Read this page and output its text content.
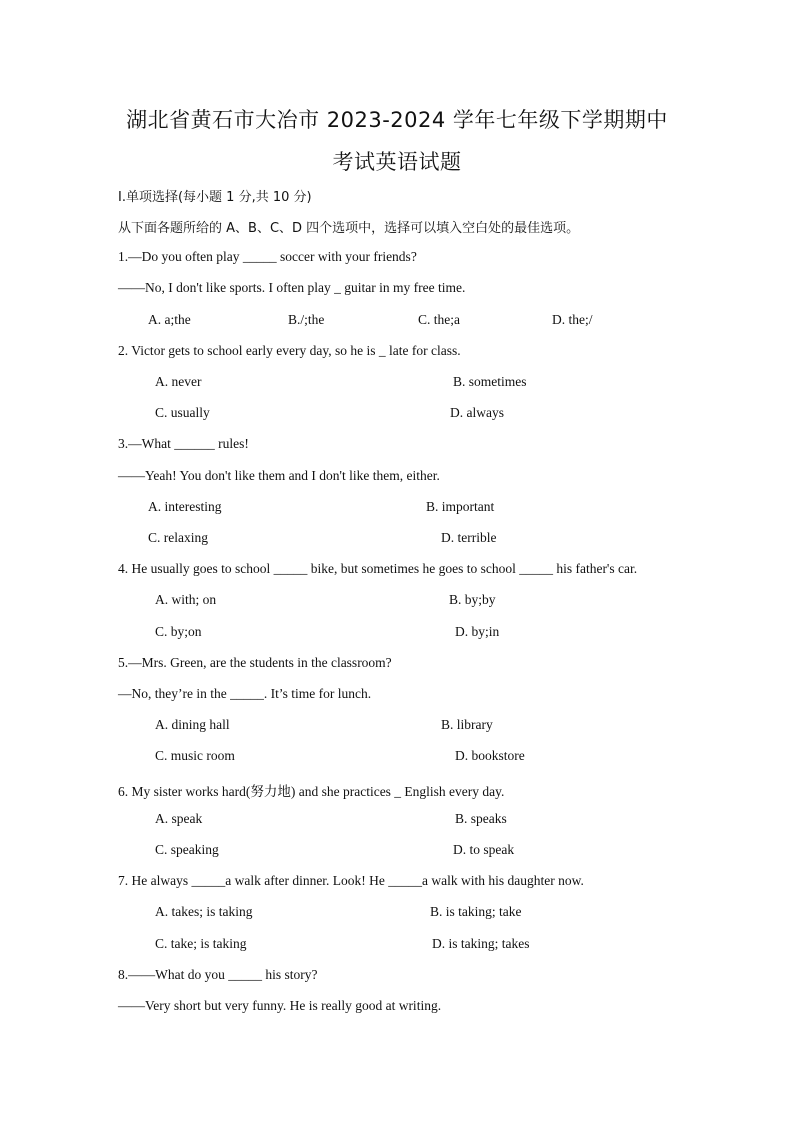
湖北省黄石市大冶市 2023-2024 学年七年级下学期期中
考试英语试题
Ⅰ.单项选择(每小题 1 分,共 10 分)
从下面各题所给的 A、B、C、D 四个选项中，选择可以填入空白处的最佳选项。
1.—Do you often play _____ soccer with your friends?
——No, I don't like sports. I often play _ guitar in my free time.
A. a;the	B./;the	C. the;a	D. the;/
2. Victor gets to school early every day, so he is _ late for class.
A. never	B. sometimes
C. usually	D. always
3.—What ______ rules!
——Yeah! You don't like them and I don't like them, either.
A. interesting	B. important
C. relaxing	D. terrible
4. He usually goes to school _____ bike, but sometimes he goes to school _____ his father's car.
A. with; on	B. by;by
C. by;on	D. by;in
5.—Mrs. Green, are the students in the classroom?
—No, they’re in the _____. It’s time for lunch.
A. dining hall	B. library
C. music room	D. bookstore
6. My sister works hard(努力地) and she practices _ English every day.
A. speak	B. speaks
C. speaking	D. to speak
7. He always _____a walk after dinner. Look! He _____a walk with his daughter now.
A. takes; is taking	B. is taking; take
C. take; is taking	D. is taking; takes
8.——What do you _____ his story?
——Very short but very funny. He is really good at writing.
